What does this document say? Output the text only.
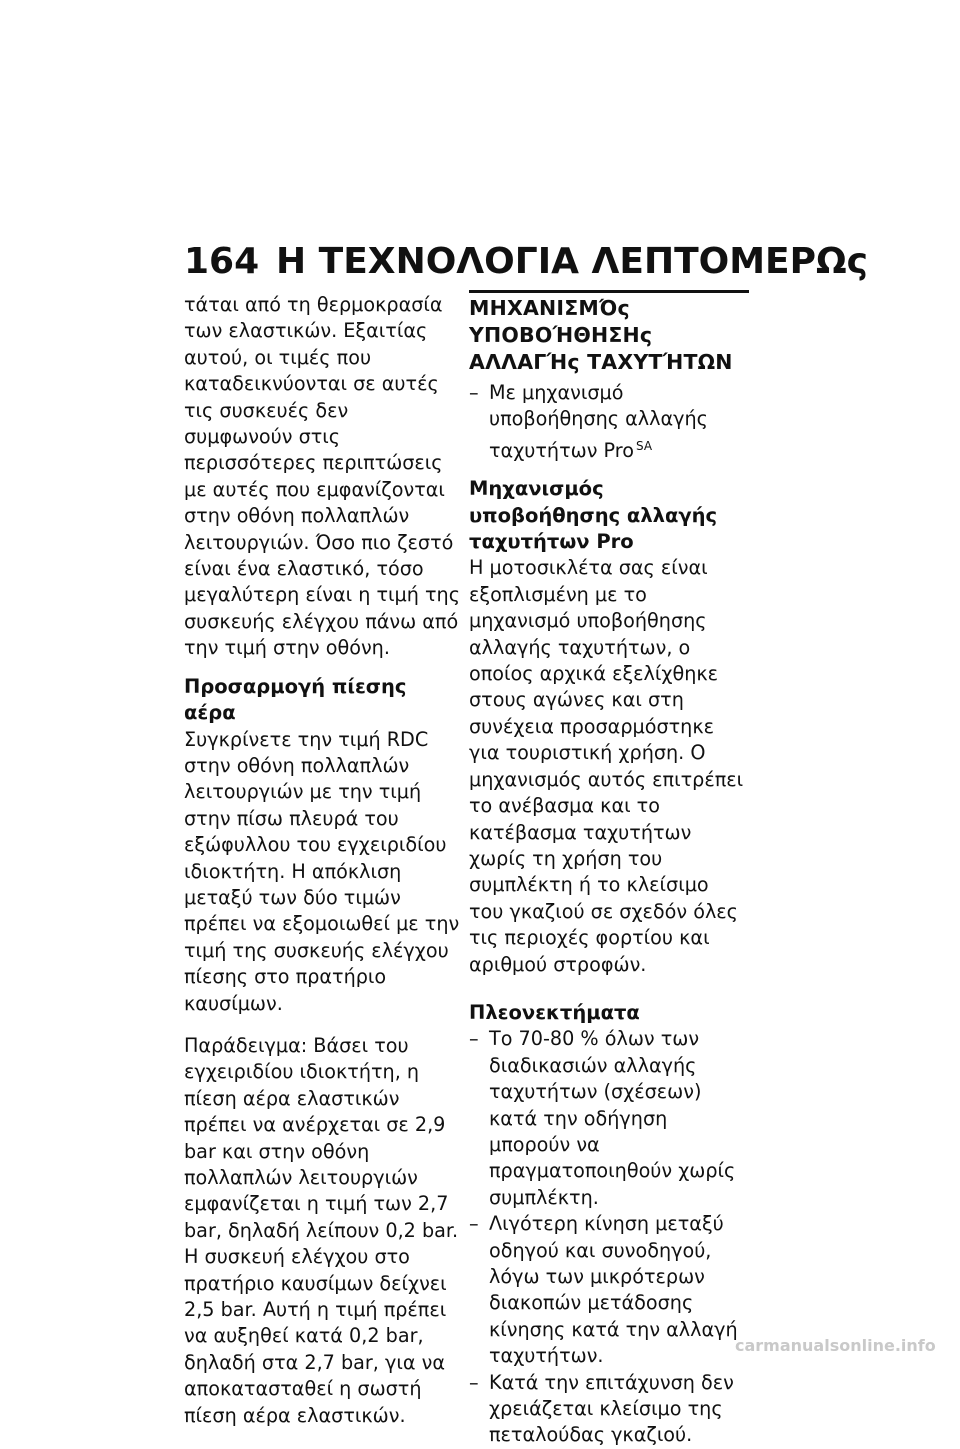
164 Η ΤΕΧΝΟΛΟΓΙΑ ΛΕΠΤΟΜΕΡΩς

τάται από τη θερμοκρασία των ελαστικών. Εξαιτίας αυτού, οι τιμές που καταδεικνύονται σε αυτές τις συσκευές δεν συμφωνούν στις περισσότερες περιπτώσεις με αυτές που εμφανίζονται στην οθόνη πολλαπλών λειτουργιών. Όσο πιο ζεστό είναι ένα ελαστικό, τόσο μεγαλύτερη είναι η τιμή της συσκευής ελέγχου πάνω από την τιμή στην οθόνη.

Προσαρμογή πίεσης αέρα

Συγκρίνετε την τιμή RDC στην οθόνη πολλαπλών λειτουργιών με την τιμή στην πίσω πλευρά του εξώφυλλου του εγχειριδίου ιδιοκτήτη. Η απόκλιση μεταξύ των δύο τιμών πρέπει να εξομοιωθεί με την τιμή της συσκευής ελέγχου πίεσης στο πρατήριο καυσίμων.

Παράδειγμα: Βάσει του εγχειριδίου ιδιοκτήτη, η πίεση αέρα ελαστικών πρέπει να ανέρχεται σε 2,9 bar και στην οθόνη πολλαπλών λειτουργιών εμφανίζεται η τιμή των 2,7 bar, δηλαδή λείπουν 0,2 bar. Η συσκευή ελέγχου στο πρατήριο καυσίμων δείχνει 2,5 bar. Αυτή η τιμή πρέπει να αυξηθεί κατά 0,2 bar, δηλαδή στα 2,7 bar, για να αποκατασταθεί η σωστή πίεση αέρα ελαστικών.

ΜΗΧΑΝΙΣΜΌς ΥΠΟΒΟΉΘΗΣΗς ΑΛΛΑΓΉς ΤΑΧΥΤΉΤΩΝ
– Με μηχανισμό υποβοήθησης αλλαγής ταχυτήτων Pro $^{SA}$
Μηχανισμός υποβοήθησης αλλαγής ταχυτήτων Pro

Η μοτοσικλέτα σας είναι εξοπλισμένη με το μηχανισμό υποβοήθησης αλλαγής ταχυτήτων, ο οποίος αρχικά εξελίχθηκε στους αγώνες και στη συνέχεια προσαρμόστηκε για τουριστική χρήση. Ο μηχανισμός αυτός επιτρέπει το ανέβασμα και το κατέβασμα ταχυτήτων χωρίς τη χρήση του συμπλέκτη ή το κλείσιμο του γκαζιού σε σχεδόν όλες τις περιοχές φορτίου και αριθμού στροφών.

Πλεονεκτήματα
– Το 70-80 % όλων των διαδικασιών αλλαγής ταχυτήτων (σχέσεων) κατά την οδήγηση μπορούν να πραγματοποιηθούν χωρίς συμπλέκτη.
– Λιγότερη κίνηση μεταξύ οδηγού και συνοδηγού, λόγω των μικρότερων διακοπών μετάδοσης κίνησης κατά την αλλαγή ταχυτήτων.
– Κατά την επιτάχυνση δεν χρειάζεται κλείσιμο της πεταλούδας γκαζιού.
carmanualsonline.info
